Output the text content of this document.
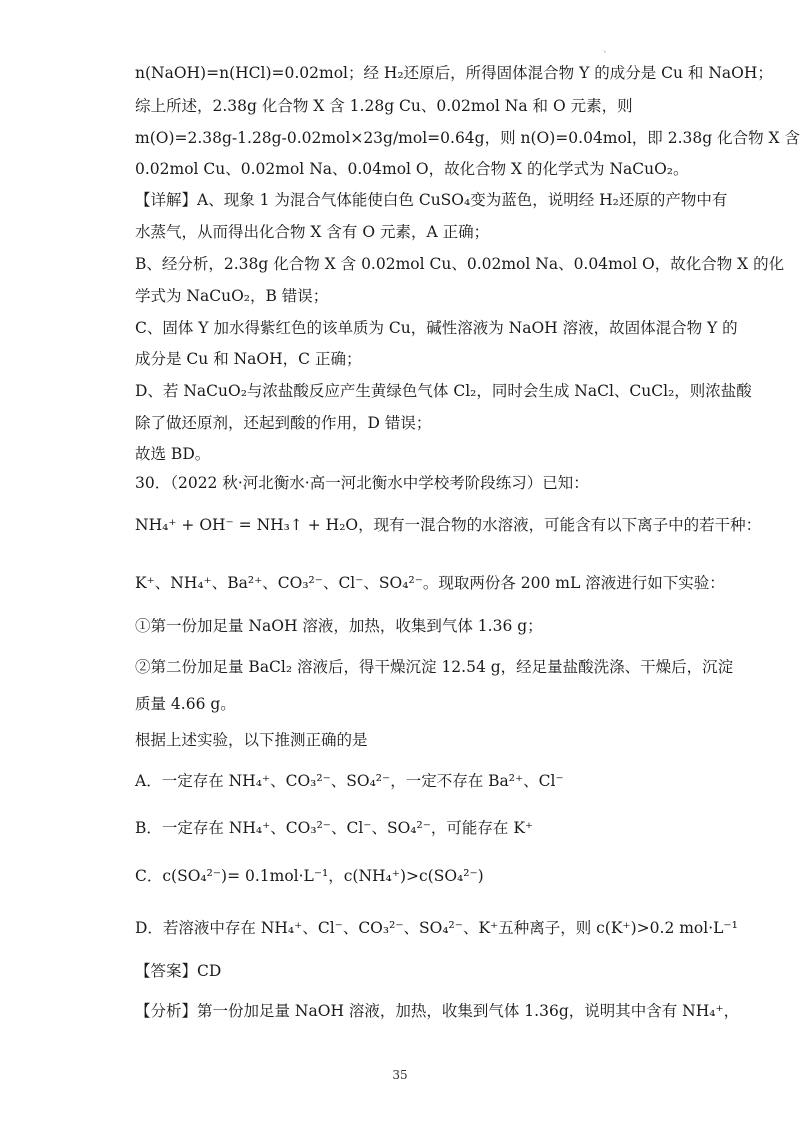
、
n(NaOH)=n(HCl)=0.02mol；经 H₂还原后，所得固体混合物 Y 的成分是 Cu 和 NaOH；
综上所述，2.38g 化合物 X 含 1.28g Cu、0.02mol Na 和 O 元素，则
m(O)=2.38g-1.28g-0.02mol×23g/mol=0.64g，则 n(O)=0.04mol，即 2.38g 化合物 X 含
0.02mol Cu、0.02mol Na、0.04mol O，故化合物 X 的化学式为 NaCuO₂。
【详解】A、现象 1 为混合气体能使白色 CuSO₄变为蓝色，说明经 H₂还原的产物中有
水蒸气，从而得出化合物 X 含有 O 元素，A 正确；
B、经分析，2.38g 化合物 X 含 0.02mol Cu、0.02mol Na、0.04mol O，故化合物 X 的化
学式为 NaCuO₂，B 错误；
C、固体 Y 加水得紫红色的该单质为 Cu，碱性溶液为 NaOH 溶液，故固体混合物 Y 的
成分是 Cu 和 NaOH，C 正确；
D、若 NaCuO₂与浓盐酸反应产生黄绿色气体 Cl₂，同时会生成 NaCl、CuCl₂，则浓盐酸
除了做还原剂，还起到酸的作用，D 错误；
故选 BD。
30．（2022 秋·河北衡水·高一河北衡水中学校考阶段练习）已知：
NH₄⁺ + OH⁻ = NH₃↑ + H₂O，现有一混合物的水溶液，可能含有以下离子中的若干种：
K⁺、NH₄⁺、Ba²⁺、CO₃²⁻、Cl⁻、SO₄²⁻。现取两份各 200 mL 溶液进行如下实验：
①第一份加足量 NaOH 溶液，加热，收集到气体 1.36 g；
②第二份加足量 BaCl₂ 溶液后，得干燥沉淀 12.54 g，经足量盐酸洗涤、干燥后，沉淀
质量 4.66 g。
根据上述实验，以下推测正确的是
A．一定存在 NH₄⁺、CO₃²⁻、SO₄²⁻，一定不存在 Ba²⁺、Cl⁻
B．一定存在 NH₄⁺、CO₃²⁻、Cl⁻、SO₄²⁻，可能存在 K⁺
C．c(SO₄²⁻)= 0.1mol·L⁻¹，c(NH₄⁺)>c(SO₄²⁻)
D．若溶液中存在 NH₄⁺、Cl⁻、CO₃²⁻、SO₄²⁻、K⁺五种离子，则 c(K⁺)>0.2 mol·L⁻¹
【答案】CD
【分析】第一份加足量 NaOH 溶液，加热，收集到气体 1.36g，说明其中含有 NH₄⁺，
35
